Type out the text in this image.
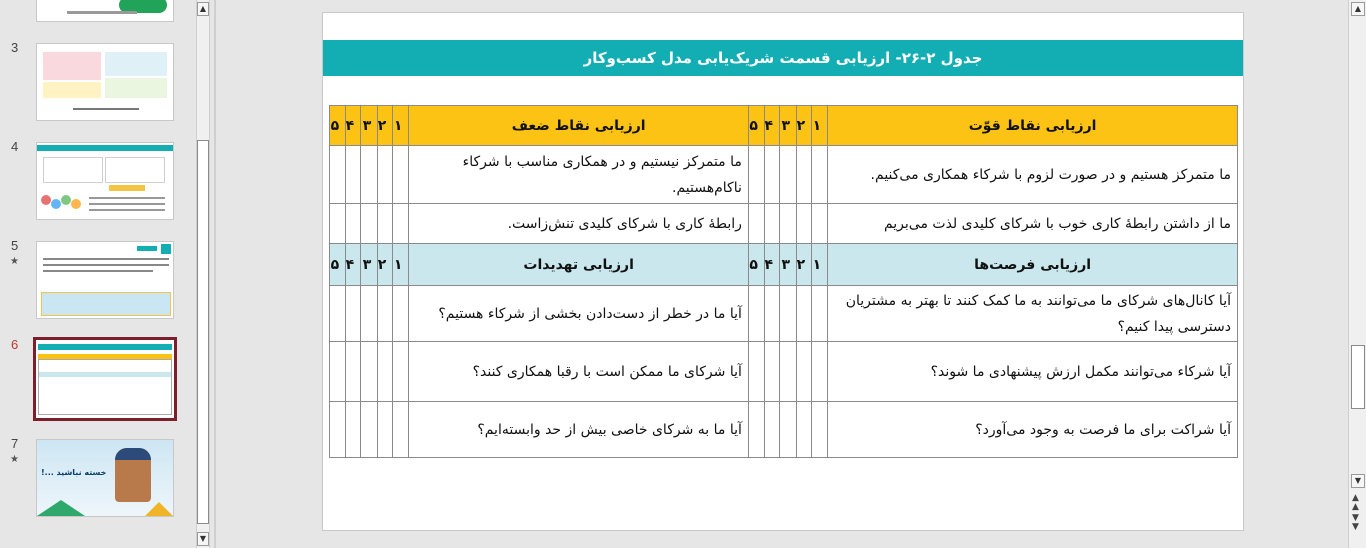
3
4
5
★
6
7
★
خسته نباشید ...!
▲
▼
جدول ۲-۲۶- ارزیابی قسمت شریک‌یابی مدل کسب‌وکار
ارزیابی نقاط قوّت	۱	۲	۳	۴	۵	ارزیابی نقاط ضعف	۱	۲	۳	۴	۵
ما متمرکز هستیم و در صورت لزوم با شرکاء همکاری می‌کنیم.						ما متمرکز نیستیم و در همکاری مناسب با شرکاء ناکام‌هستیم.					
ما از داشتن رابطۀ کاری خوب با شرکای کلیدی لذت می‌بریم						رابطۀ کاری با شرکای کلیدی تنش‌زاست.					
ارزیابی فرصت‌ها	۱	۲	۳	۴	۵	ارزیابی تهدیدات	۱	۲	۳	۴	۵
آیا کانال‌های شرکای ما می‌توانند به ما کمک کنند تا بهتر به مشتریان دسترسی پیدا کنیم؟						آیا ما در خطر از دست‌دادن بخشی از شرکاء هستیم؟					
آیا شرکاء می‌توانند مکمل ارزش پیشنهادی ما شوند؟						آیا شرکای ما ممکن است با رقبا همکاری کنند؟					
آیا شراکت برای ما فرصت به وجود می‌آورد؟						آیا ما به شرکای خاصی بیش از حد وابسته‌ایم؟					
▲
▼
▲
▲
▼
▼
